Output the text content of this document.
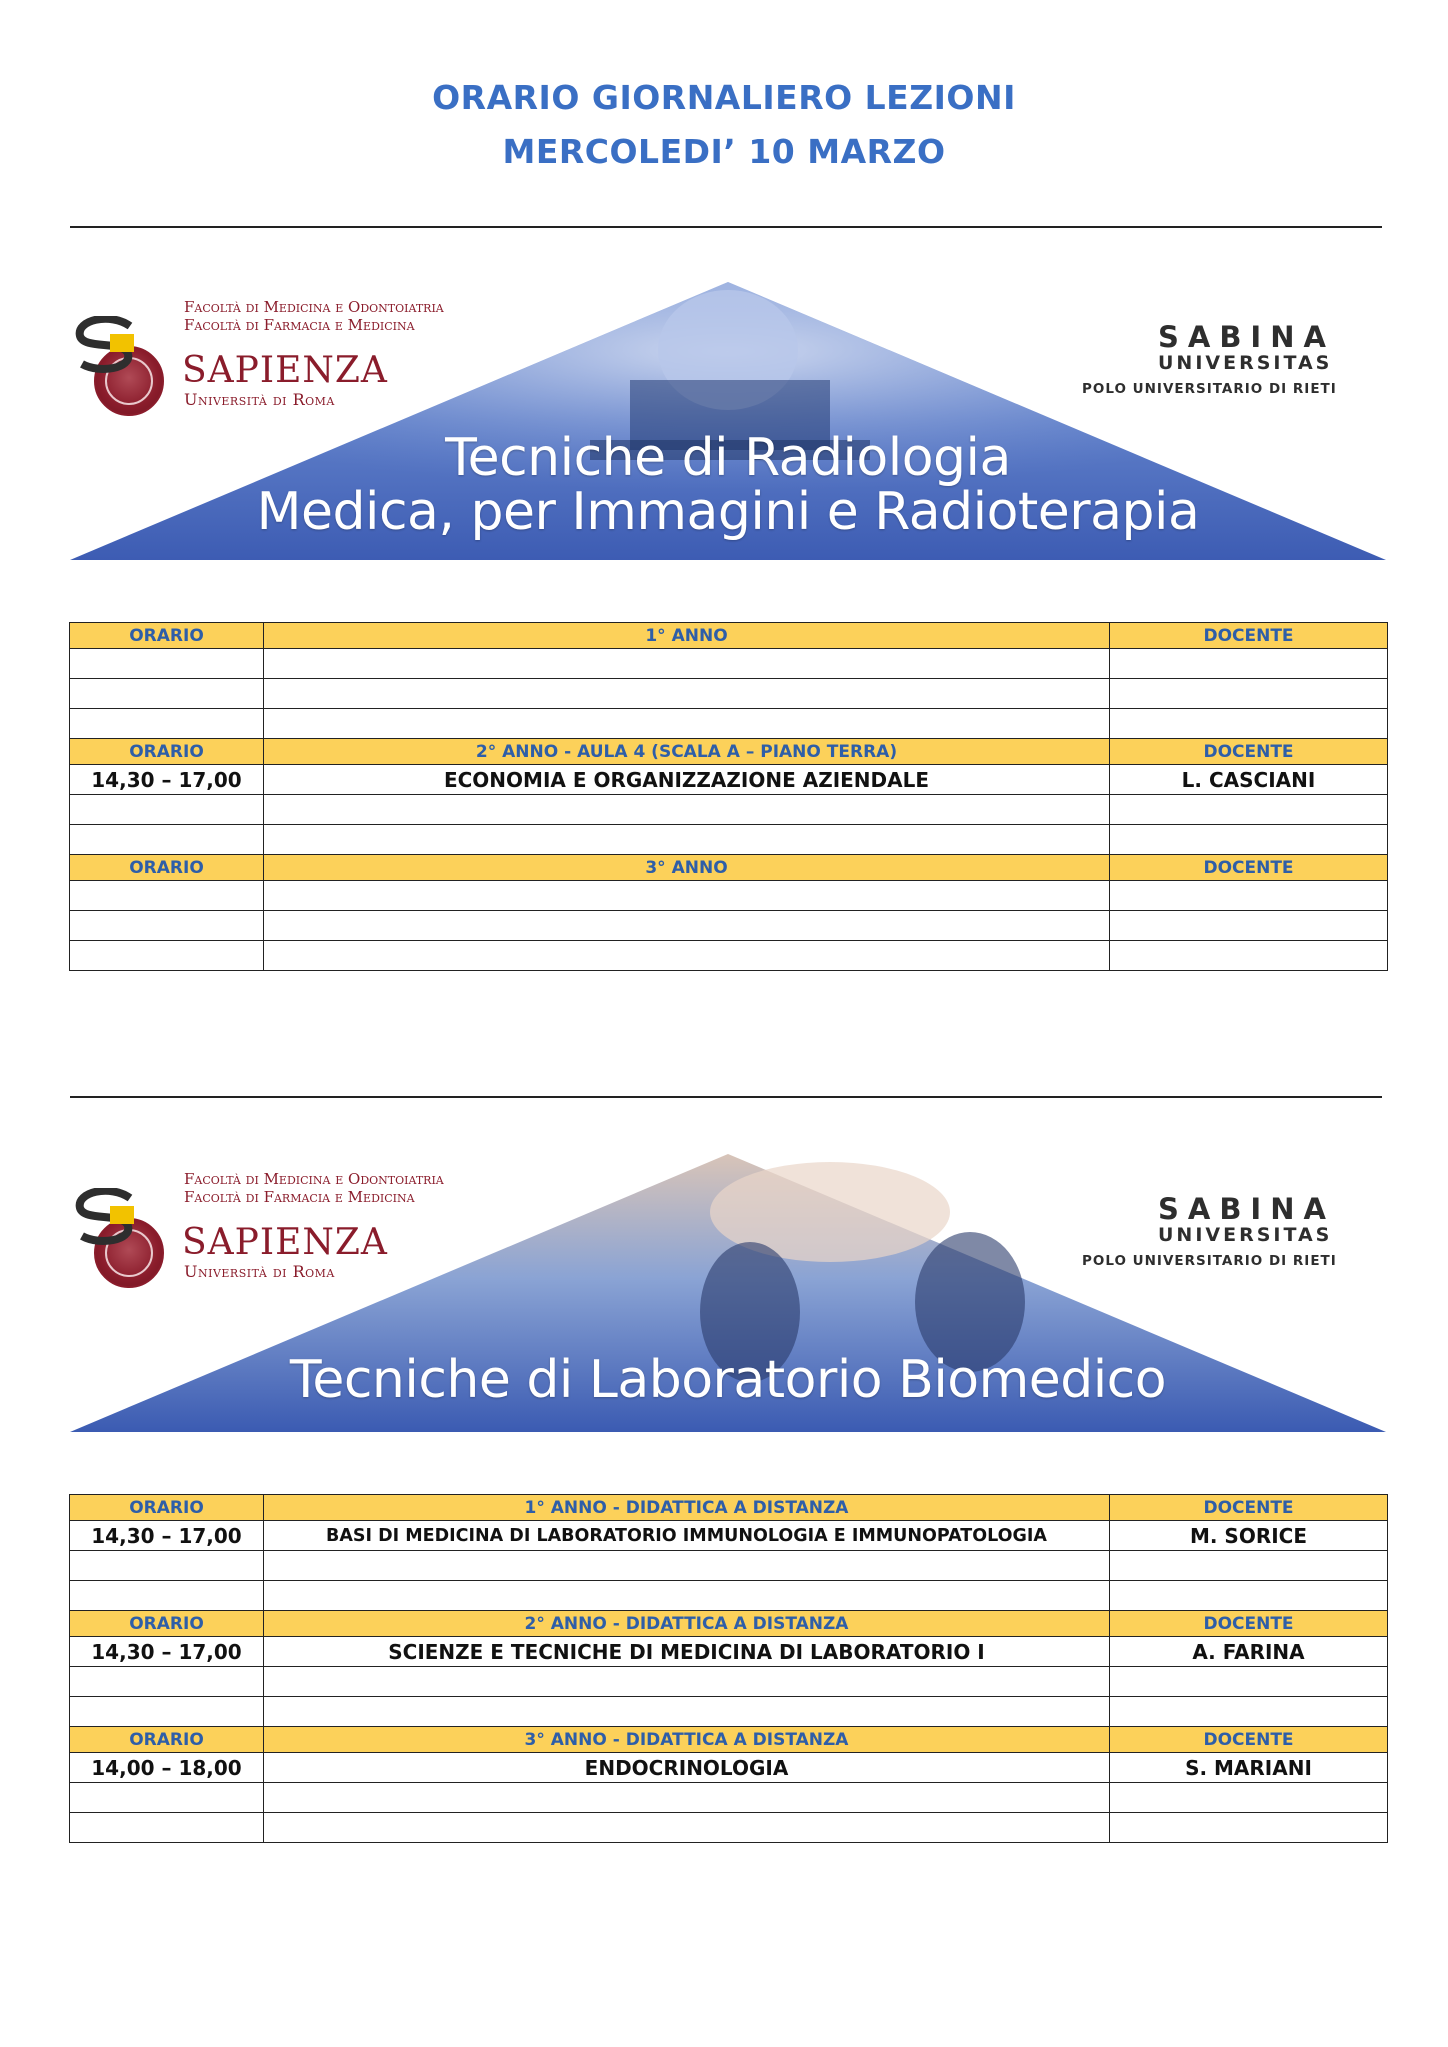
ORARIO GIORNALIERO LEZIONI
MERCOLEDI’ 10 MARZO
Facoltà di Medicina e Odontoiatria
Facoltà di Farmacia e Medicina
SAPIENZA
Università di Roma
SABINA
UNIVERSITAS
POLO UNIVERSITARIO DI RIETI
Tecniche di Radiologia
Medica, per Immagini e Radioterapia
ORARIO	1° ANNO	DOCENTE

ORARIO	2° ANNO - AULA 4 (SCALA A – PIANO TERRA)	DOCENTE
14,30 – 17,00	ECONOMIA E ORGANIZZAZIONE AZIENDALE	L. CASCIANI

ORARIO	3° ANNO	DOCENTE

Facoltà di Medicina e Odontoiatria
Facoltà di Farmacia e Medicina
SAPIENZA
Università di Roma
SABINA
UNIVERSITAS
POLO UNIVERSITARIO DI RIETI
Tecniche di Laboratorio Biomedico
ORARIO	1° ANNO - DIDATTICA A DISTANZA	DOCENTE
14,30 – 17,00	BASI DI MEDICINA DI LABORATORIO IMMUNOLOGIA E IMMUNOPATOLOGIA	M. SORICE

ORARIO	2° ANNO - DIDATTICA A DISTANZA	DOCENTE
14,30 – 17,00	SCIENZE E TECNICHE DI MEDICINA DI LABORATORIO I	A. FARINA

ORARIO	3° ANNO - DIDATTICA A DISTANZA	DOCENTE
14,00 – 18,00	ENDOCRINOLOGIA	S. MARIANI
